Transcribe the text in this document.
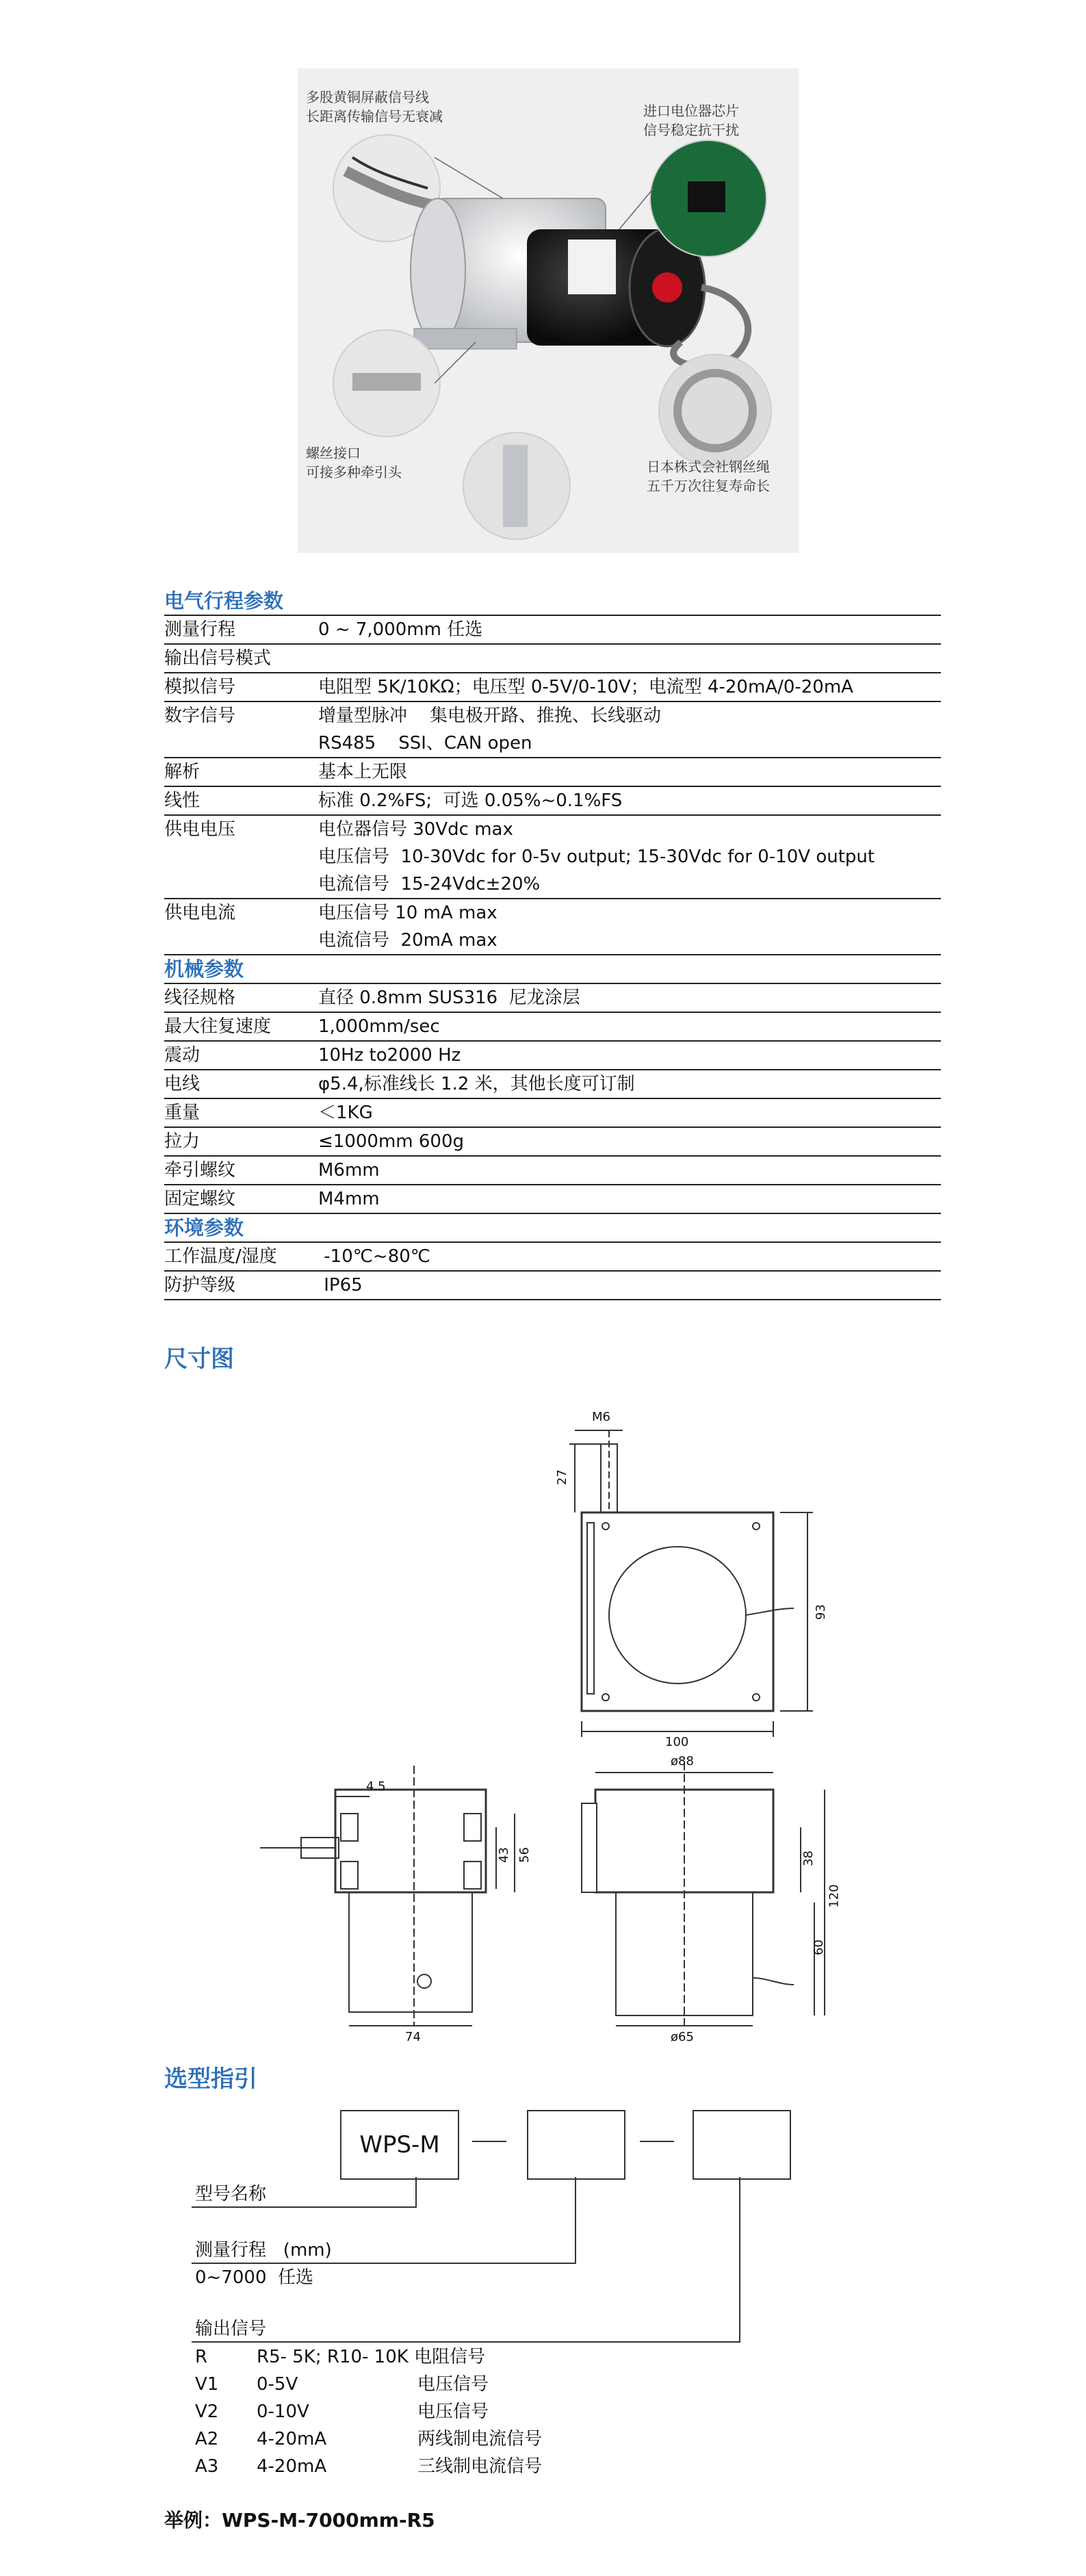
多股黄铜屏蔽信号线
长距离传输信号无衰减	进口电位器芯片
信号稳定抗干扰
螺丝接口
可接多种牵引头	日本株式会社钢丝绳
五千万次往复寿命长
电气行程参数
测量行程	0 ~ 7,000mm 任选
输出信号模式
模拟信号	电阻型 5K/10KΩ；电压型 0-5V/0-10V；电流型 4-20mA/0-20mA
数字信号	增量型脉冲    集电极开路、推挽、长线驱动
RS485    SSI、CAN open
解析	基本上无限
线性	标准 0.2%FS;  可选 0.05%~0.1%FS
供电电压	电位器信号 30Vdc max
电压信号  10-30Vdc for 0-5v output; 15-30Vdc for 0-10V output
电流信号  15-24Vdc±20%
供电电流	电压信号 10 mA max
电流信号  20mA max
机械参数
线径规格	直径 0.8mm SUS316  尼龙涂层
最大往复速度	1,000mm/sec
震动	10Hz to2000 Hz
电线	φ5.4,标准线长 1.2 米，其他长度可订制
重量	＜1KG
拉力	≤1000mm 600g
牵引螺纹	M6mm
固定螺纹	M4mm
环境参数
工作温度/湿度	-10℃~80℃
防护等级	IP65
尺寸图
M6
27
93
100
4.5
43 56
74
ø88
38
120
60
ø65
选型指引
WPS-M
型号名称
测量行程   (mm)
0~7000  任选
输出信号
R	R5- 5K; R10- 10K 电阻信号
V1 0-5V	电压信号
V2 0-10V	电压信号
A2 4-20mA	两线制电流信号
A3 4-20mA	三线制电流信号
举例：WPS-M-7000mm-R5
